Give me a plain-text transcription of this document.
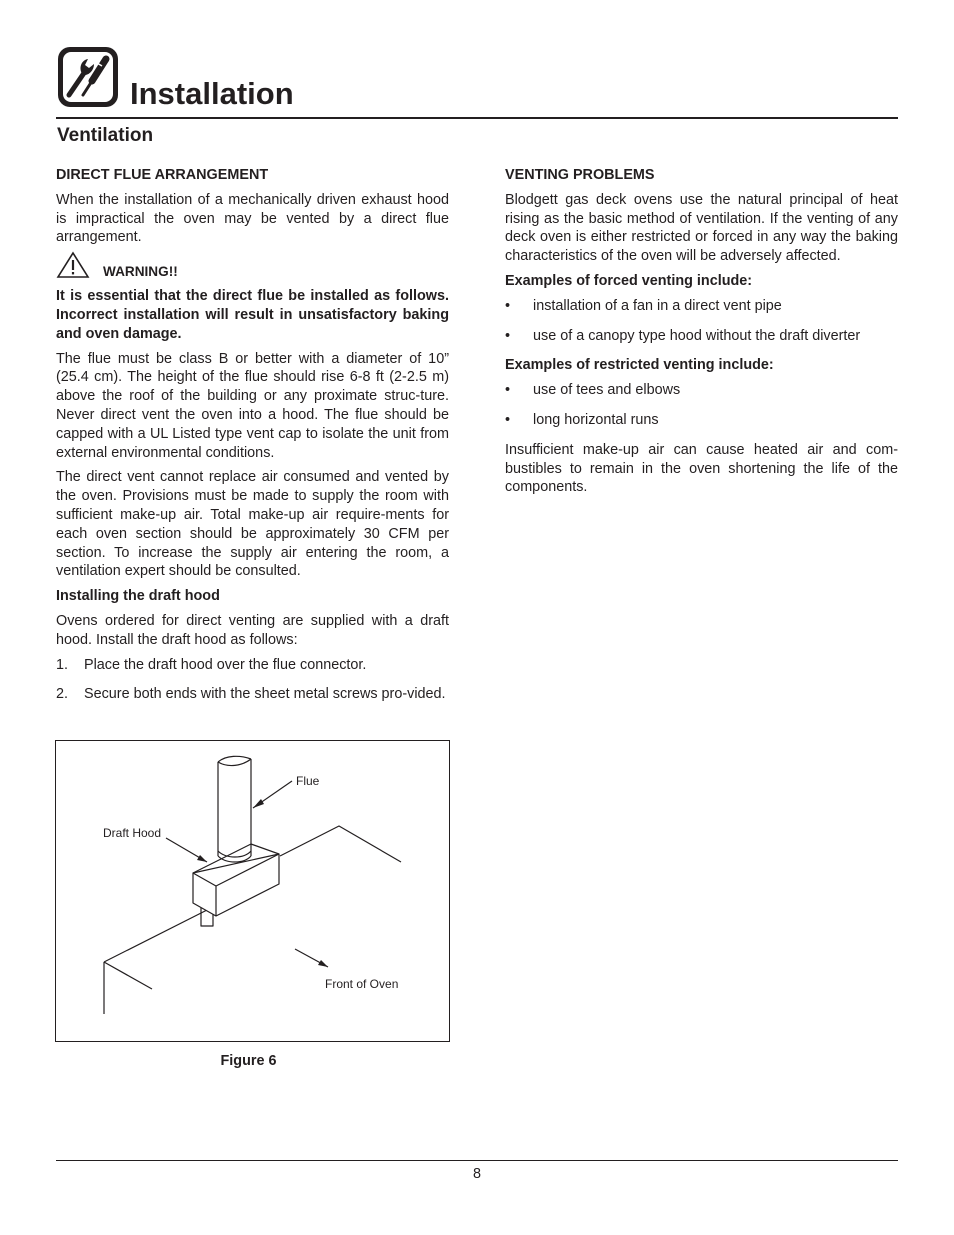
Installation
Ventilation
DIRECT FLUE ARRANGEMENT

When the installation of a mechanically driven exhaust hood is impractical the oven may be vented by a direct flue arrangement.

WARNING!!

It is essential that the direct flue be installed as follows. Incorrect installation will result in unsatisfactory baking and oven damage.

The flue must be class B or better with a diameter of 10” (25.4 cm). The height of the flue should rise 6-8 ft (2-2.5 m) above the roof of the building or any proximate struc-ture. Never direct vent the oven into a hood. The flue should be capped with a UL Listed type vent cap to isolate the unit from external environmental conditions.

The direct vent cannot replace air consumed and vented by the oven. Provisions must be made to supply the room with sufficient make-up air. Total make-up air require-ments for each oven section should be approximately 30 CFM per section. To increase the supply air entering the room, a ventilation expert should be consulted.

Installing the draft hood

Ovens ordered for direct venting are supplied with a draft hood. Install the draft hood as follows:

1. Place the draft hood over the flue connector.
2. Secure both ends with the sheet metal screws pro-vided.
Flue
Draft Hood
Front of Oven

Figure 6

VENTING PROBLEMS

Blodgett gas deck ovens use the natural principal of heat rising as the basic method of ventilation. If the venting of any deck oven is either restricted or forced in any way the baking characteristics of the oven will be adversely affected.

Examples of forced venting include:

• installation of a fan in a direct vent pipe
• use of a canopy type hood without the draft diverter

Examples of restricted venting include:

• use of tees and elbows
• long horizontal runs

Insufficient make-up air can cause heated air and com-bustibles to remain in the oven shortening the life of the components.

8
